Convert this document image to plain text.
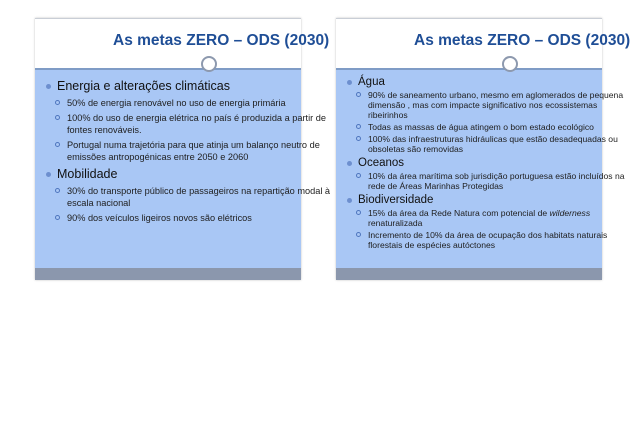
As metas ZERO – ODS (2030)

Energia e alterações climáticas

50% de energia renovável no uso de energia primária

100% do uso de energia elétrica no país é produzida a partir de
fontes renováveis.

Portugal numa trajetória para que atinja um balanço neutro de
emissões antropogénicas entre 2050 e 2060

Mobilidade

30% do transporte público de passageiros na repartição modal à
escala nacional

90% dos veículos ligeiros novos são elétricos

As metas ZERO – ODS (2030)

Água

90% de saneamento urbano, mesmo em aglomerados de pequena
dimensão , mas com impacte significativo nos ecossistemas
ribeirinhos

Todas as massas de água atingem o bom estado ecológico

100% das infraestruturas hidráulicas que estão desadequadas ou
obsoletas são removidas

Oceanos

10% da área marítima sob jurisdição portuguesa estão incluídos na
rede de Áreas Marinhas Protegidas

Biodiversidade

15% da área da Rede Natura com potencial de wilderness
renaturalizada

Incremento de 10% da área de ocupação dos habitats naturais
florestais de espécies autóctones
